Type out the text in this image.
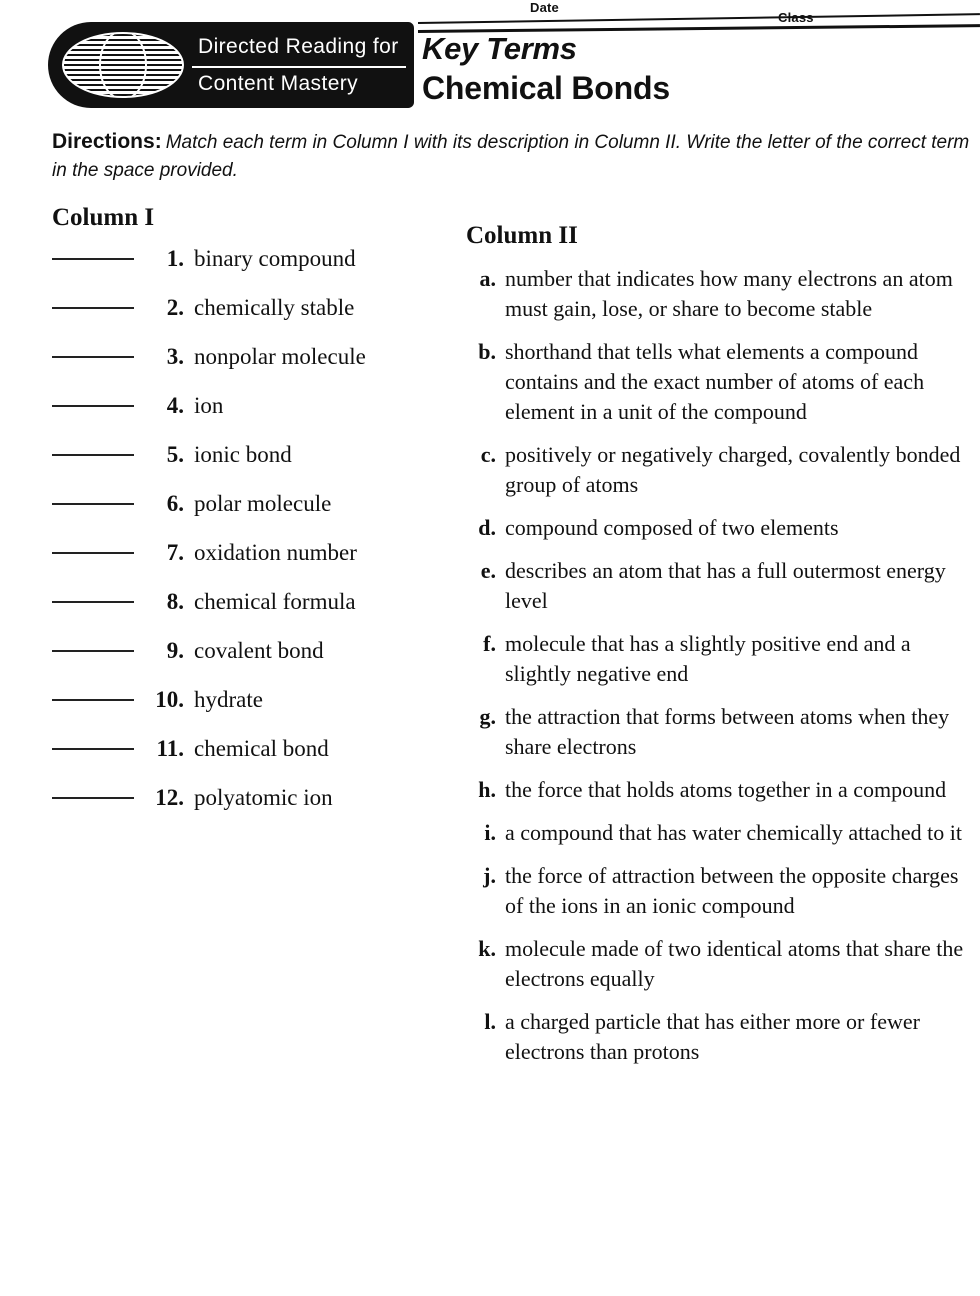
Date
Directed Reading for
Content Mastery
Key Terms
Chemical Bonds
Directions: Match each term in Column I with its description in Column II. Write the letter of the correct term in the space provided.
Column I
1. binary compound
2. chemically stable
3. nonpolar molecule
4. ion
5. ionic bond
6. polar molecule
7. oxidation number
8. chemical formula
9. covalent bond
10. hydrate
11. chemical bond
12. polyatomic ion
Column II
a. number that indicates how many electrons an atom must gain, lose, or share to become stable
b. shorthand that tells what elements a compound contains and the exact number of atoms of each element in a unit of the compound
c. positively or negatively charged, covalently bonded group of atoms
d. compound composed of two elements
e. describes an atom that has a full outermost energy level
f. molecule that has a slightly positive end and a slightly negative end
g. the attraction that forms between atoms when they share electrons
h. the force that holds atoms together in a compound
i. a compound that has water chemically attached to it
j. the force of attraction between the opposite charges of the ions in an ionic compound
k. molecule made of two identical atoms that share the electrons equally
l. a charged particle that has either more or fewer electrons than protons
